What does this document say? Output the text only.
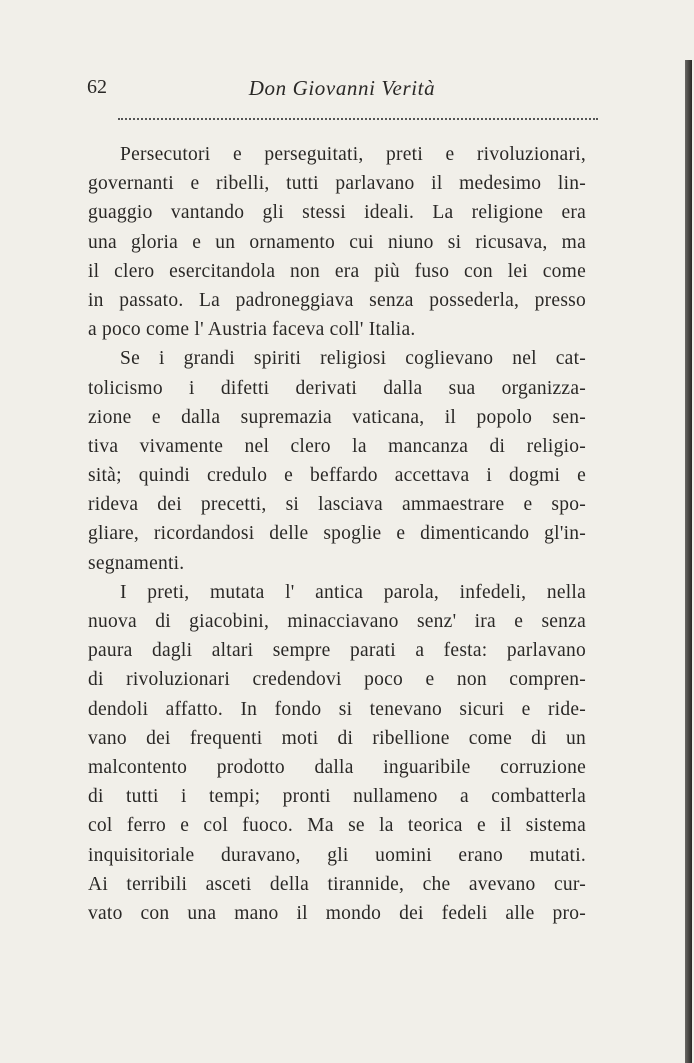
62	Don Giovanni Verità
Persecutori e perseguitati, preti e rivoluzionari,
governanti e ribelli, tutti parlavano il medesimo lin-
guaggio vantando gli stessi ideali. La religione era
una gloria e un ornamento cui niuno si ricusava, ma
il clero esercitandola non era più fuso con lei come
in passato. La padroneggiava senza possederla, presso
a poco come l' Austria faceva coll' Italia.
Se i grandi spiriti religiosi coglievano nel cat-
tolicismo i difetti derivati dalla sua organizza-
zione e dalla supremazia vaticana, il popolo sen-
tiva vivamente nel clero la mancanza di religio-
sità; quindi credulo e beffardo accettava i dogmi e
rideva dei precetti, si lasciava ammaestrare e spo-
gliare, ricordandosi delle spoglie e dimenticando gl'in-
segnamenti.
I preti, mutata l' antica parola, infedeli, nella
nuova di giacobini, minacciavano senz' ira e senza
paura dagli altari sempre parati a festa: parlavano
di rivoluzionari credendovi poco e non compren-
dendoli affatto. In fondo si tenevano sicuri e ride-
vano dei frequenti moti di ribellione come di un
malcontento prodotto dalla inguaribile corruzione
di tutti i tempi; pronti nullameno a combatterla
col ferro e col fuoco. Ma se la teorica e il sistema
inquisitoriale duravano, gli uomini erano mutati.
Ai terribili asceti della tirannide, che avevano cur-
vato con una mano il mondo dei fedeli alle pro-
